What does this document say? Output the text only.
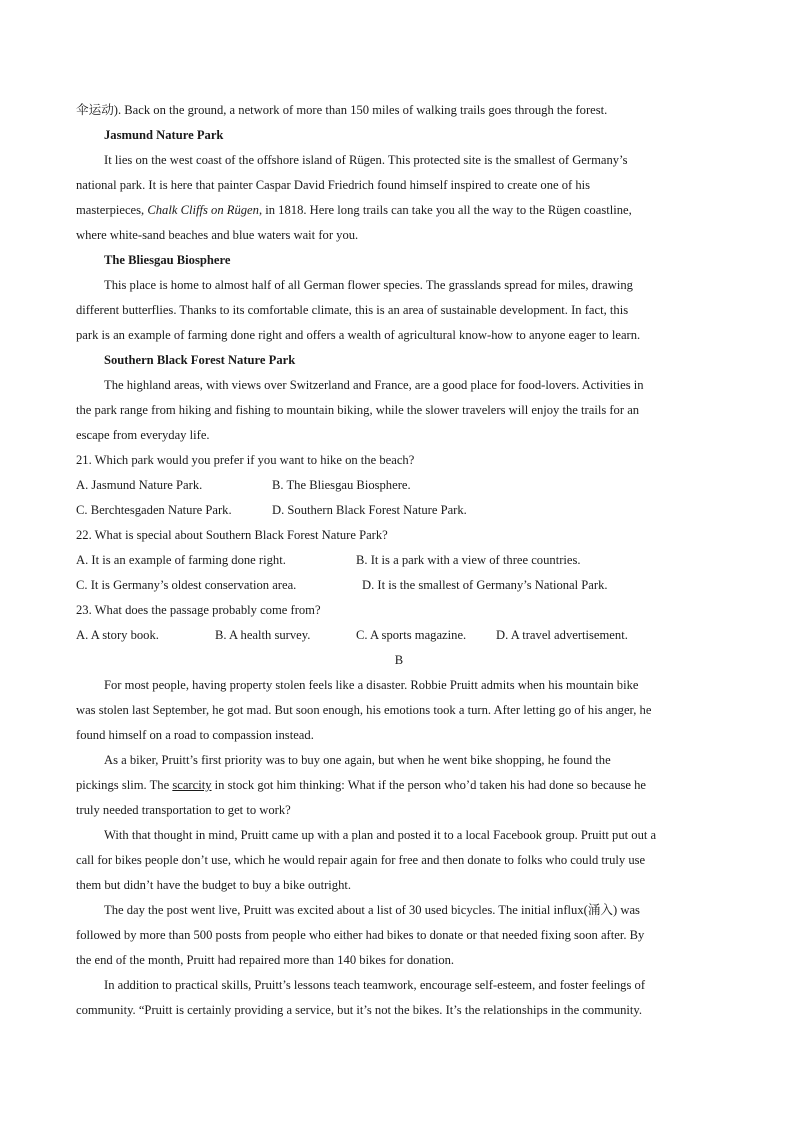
伞运动). Back on the ground, a network of more than 150 miles of walking trails goes through the forest.
Jasmund Nature Park
It lies on the west coast of the offshore island of Rügen. This protected site is the smallest of Germany’s
national park. It is here that painter Caspar David Friedrich found himself inspired to create one of his
masterpieces, Chalk Cliffs on Rügen, in 1818. Here long trails can take you all the way to the Rügen coastline,
where white-sand beaches and blue waters wait for you.
The Bliesgau Biosphere
This place is home to almost half of all German flower species. The grasslands spread for miles, drawing
different butterflies. Thanks to its comfortable climate, this is an area of sustainable development. In fact, this
park is an example of farming done right and offers a wealth of agricultural know-how to anyone eager to learn.
Southern Black Forest Nature Park
The highland areas, with views over Switzerland and France, are a good place for food-lovers. Activities in
the park range from hiking and fishing to mountain biking, while the slower travelers will enjoy the trails for an
escape from everyday life.
21. Which park would you prefer if you want to hike on the beach?
A. Jasmund Nature Park.	B. The Bliesgau Biosphere.
C. Berchtesgaden Nature Park.	D. Southern Black Forest Nature Park.
22. What is special about Southern Black Forest Nature Park?
A. It is an example of farming done right.	B. It is a park with a view of three countries.
C. It is Germany’s oldest conservation area.	D. It is the smallest of Germany’s National Park.
23. What does the passage probably come from?
A. A story book.	B. A health survey.	C. A sports magazine.	D. A travel advertisement.
B
For most people, having property stolen feels like a disaster. Robbie Pruitt admits when his mountain bike
was stolen last September, he got mad. But soon enough, his emotions took a turn. After letting go of his anger, he
found himself on a road to compassion instead.
As a biker, Pruitt’s first priority was to buy one again, but when he went bike shopping, he found the
pickings slim. The scarcity in stock got him thinking: What if the person who’d taken his had done so because he
truly needed transportation to get to work?
With that thought in mind, Pruitt came up with a plan and posted it to a local Facebook group. Pruitt put out a
call for bikes people don’t use, which he would repair again for free and then donate to folks who could truly use
them but didn’t have the budget to buy a bike outright.
The day the post went live, Pruitt was excited about a list of 30 used bicycles. The initial influx(涌入) was
followed by more than 500 posts from people who either had bikes to donate or that needed fixing soon after. By
the end of the month, Pruitt had repaired more than 140 bikes for donation.
In addition to practical skills, Pruitt’s lessons teach teamwork, encourage self-esteem, and foster feelings of
community. “Pruitt is certainly providing a service, but it’s not the bikes. It’s the relationships in the community.
